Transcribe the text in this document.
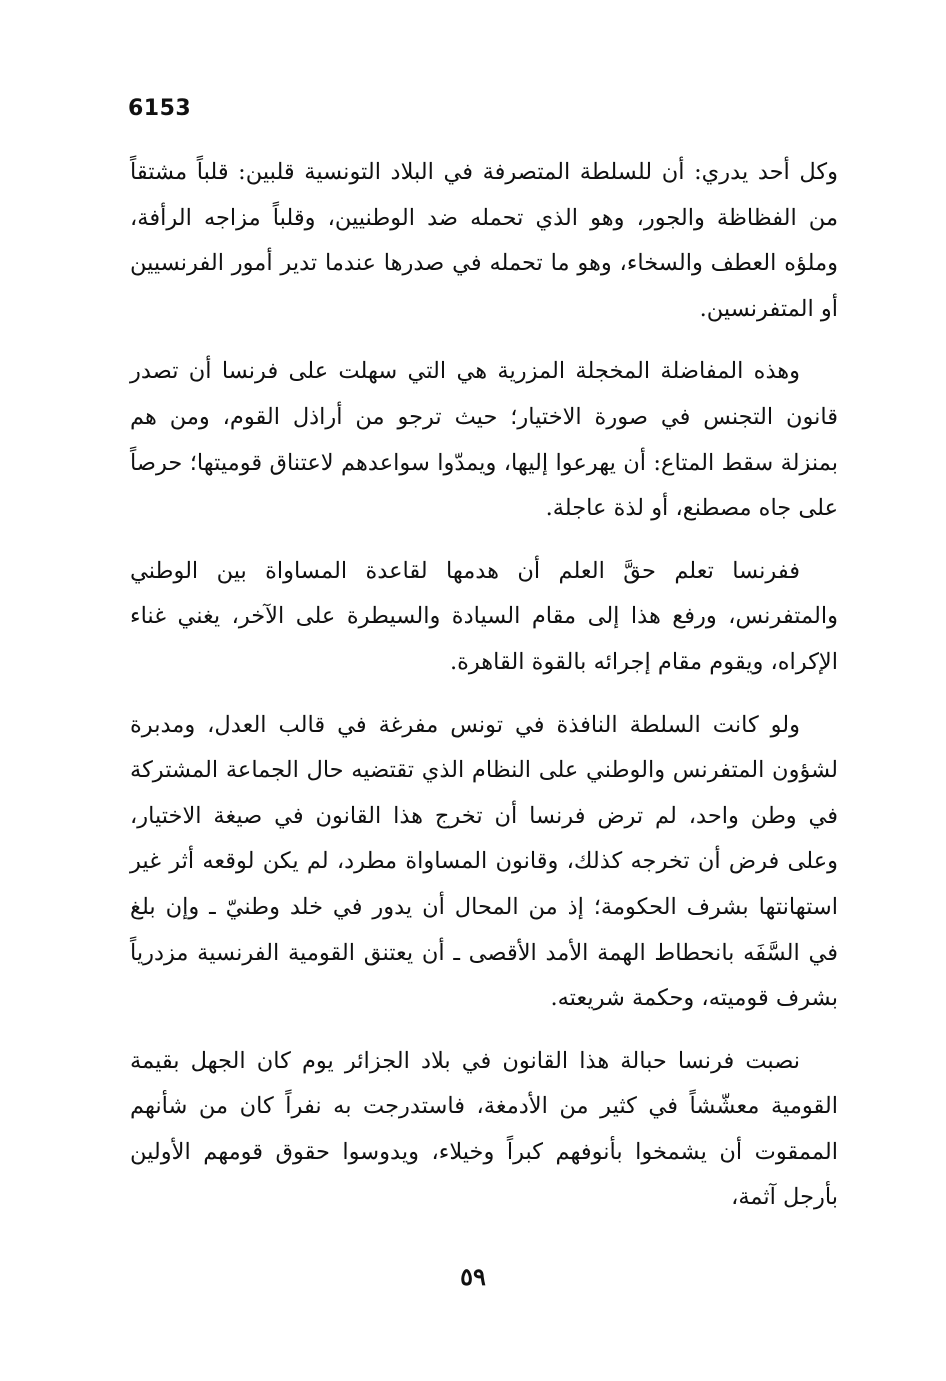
6153

وكل أحد يدري: أن للسلطة المتصرفة في البلاد التونسية قلبين: قلباً مشتقاً من الفظاظة والجور، وهو الذي تحمله ضد الوطنيين، وقلباً مزاجه الرأفة، وملؤه العطف والسخاء، وهو ما تحمله في صدرها عندما تدير أمور الفرنسيين أو المتفرنسين.

وهذه المفاضلة المخجلة المزرية هي التي سهلت على فرنسا أن تصدر قانون التجنس في صورة الاختيار؛ حيث ترجو من أراذل القوم، ومن هم بمنزلة سقط المتاع: أن يهرعوا إليها، ويمدّوا سواعدهم لاعتناق قوميتها؛ حرصاً على جاه مصطنع، أو لذة عاجلة.

ففرنسا تعلم حقَّ العلم أن هدمها لقاعدة المساواة بين الوطني والمتفرنس، ورفع هذا إلى مقام السيادة والسيطرة على الآخر، يغني غناء الإكراه، ويقوم مقام إجرائه بالقوة القاهرة.

ولو كانت السلطة النافذة في تونس مفرغة في قالب العدل، ومدبرة لشؤون المتفرنس والوطني على النظام الذي تقتضيه حال الجماعة المشتركة في وطن واحد، لم ترض فرنسا أن تخرج هذا القانون في صيغة الاختيار، وعلى فرض أن تخرجه كذلك، وقانون المساواة مطرد، لم يكن لوقعه أثر غير استهانتها بشرف الحكومة؛ إذ من المحال أن يدور في خلد وطنيّ ـ وإن بلغ في السَّفَه بانحطاط الهمة الأمد الأقصى ـ أن يعتنق القومية الفرنسية مزدرياً بشرف قوميته، وحكمة شريعته.

نصبت فرنسا حبالة هذا القانون في بلاد الجزائر يوم كان الجهل بقيمة القومية معشّشاً في كثير من الأدمغة، فاستدرجت به نفراً كان من شأنهم الممقوت أن يشمخوا بأنوفهم كبراً وخيلاء، ويدوسوا حقوق قومهم الأولين بأرجل آثمة،

٥٩
